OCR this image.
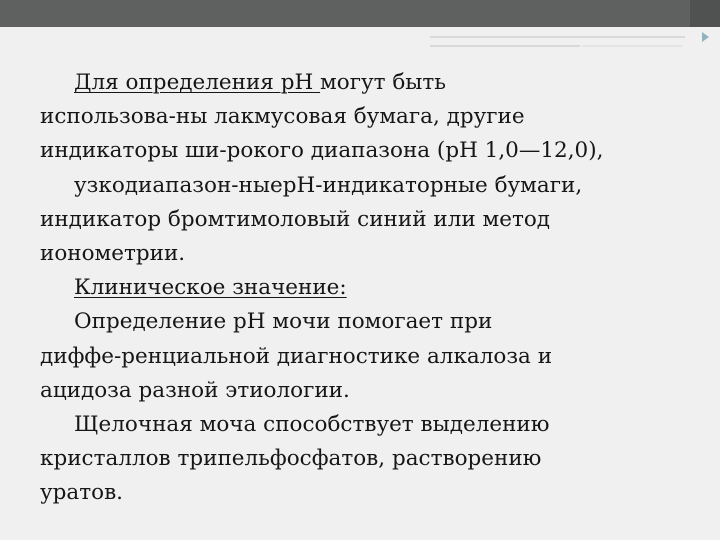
Для определения pH могут быть

использова-ны лакмусовая бумага, другие

индикаторы ши-рокого диапазона (pH 1,0—12,0),

узкодиапазон-ныерН-индикаторные бумаги,

индикатор бромтимоловый синий или метод

ионометрии.

Клиническое значение:

Определение pH мочи помогает при

диффе-ренциальной диагностике алкалоза и

ацидоза разной этиологии.

Щелочная моча способствует выделению

кристаллов трипельфосфатов, растворению

уратов.
